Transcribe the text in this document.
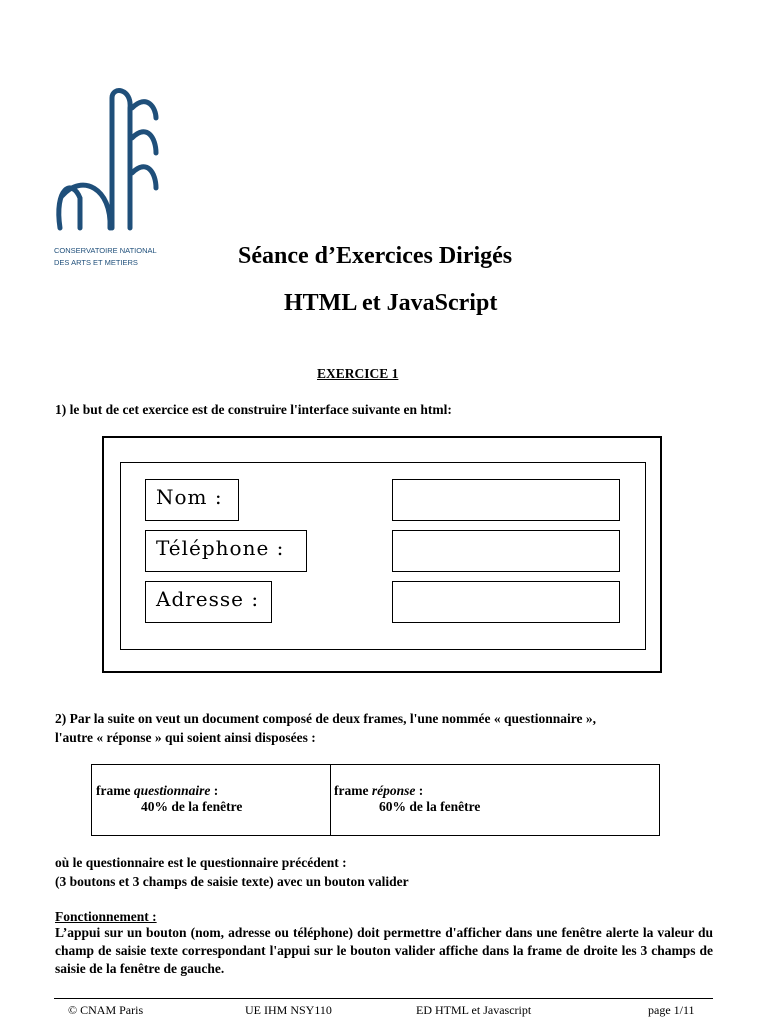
CONSERVATOIRE NATIONAL
DES ARTS ET METIERS	Séance d’Exercices Dirigés
HTML et JavaScript
EXERCICE 1
1) le but de cet exercice est de construire l'interface suivante en html:
Nom :
Téléphone :
Adresse :
2) Par la suite on veut un document composé de deux frames, l'une nommée « questionnaire »,
l'autre « réponse » qui soient ainsi disposées :
frame questionnaire :
40% de la fenêtre
frame réponse :
60% de la fenêtre
où le questionnaire est le questionnaire précédent :
(3 boutons et 3 champs de saisie texte) avec un bouton valider
Fonctionnement :
L’appui sur un bouton (nom, adresse ou téléphone) doit permettre d'afficher dans une fenêtre alerte la valeur du champ de saisie texte correspondant l'appui sur le bouton valider affiche dans la frame de droite les 3 champs de saisie de la fenêtre de gauche.
© CNAM Paris	UE IHM NSY110	ED HTML et Javascript	page 1/11
